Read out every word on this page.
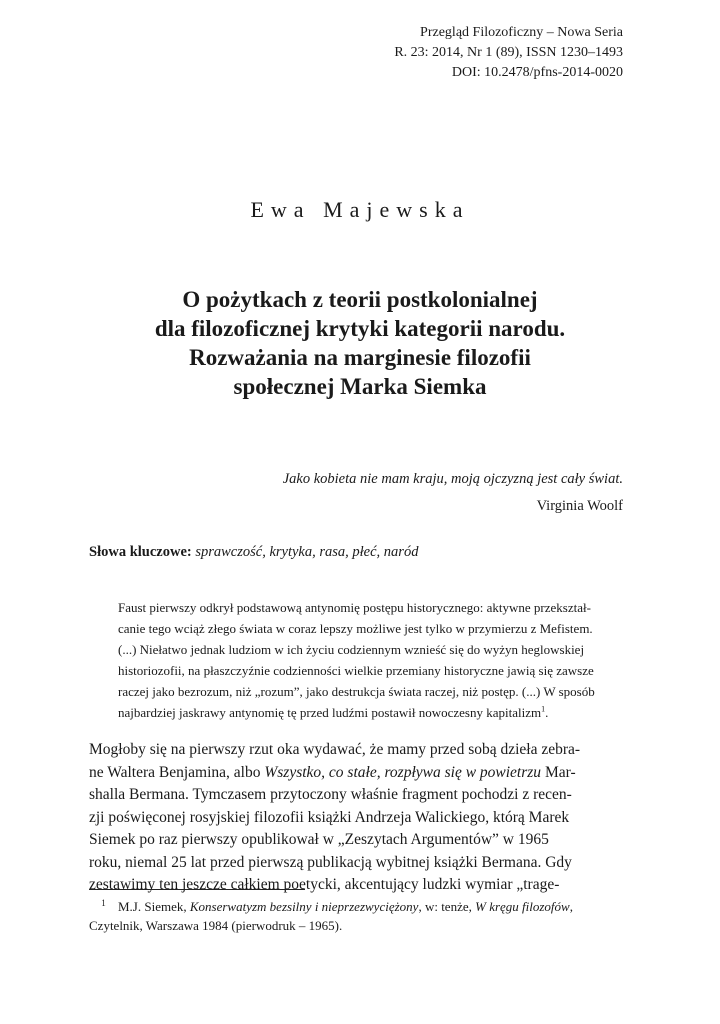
Przegląd Filozoficzny – Nowa Seria
R. 23: 2014, Nr 1 (89), ISSN 1230–1493
DOI: 10.2478/pfns-2014-0020
Ewa Majewska
O pożytkach z teorii postkolonialnej
dla filozoficznej krytyki kategorii narodu.
Rozważania na marginesie filozofii
społecznej Marka Siemka
Jako kobieta nie mam kraju, moją ojczyzną jest cały świat.
Virginia Woolf
Słowa kluczowe: sprawczość, krytyka, rasa, płeć, naród
Faust pierwszy odkrył podstawową antynomię postępu historycznego: aktywne przekształ-
canie tego wciąż złego świata w coraz lepszy możliwe jest tylko w przymierzu z Mefistem.
(...) Niełatwo jednak ludziom w ich życiu codziennym wznieść się do wyżyn heglowskiej
historiozofii, na płaszczyźnie codzienności wielkie przemiany historyczne jawią się zawsze
raczej jako bezrozum, niż „rozum”, jako destrukcja świata raczej, niż postęp. (...) W sposób
najbardziej jaskrawy antynomię tę przed ludźmi postawił nowoczesny kapitalizm$^1$.
Mogłoby się na pierwszy rzut oka wydawać, że mamy przed sobą dzieła zebra-
ne Waltera Benjamina, albo Wszystko, co stałe, rozpływa się w powietrzu Mar-
shalla Bermana. Tymczasem przytoczony właśnie fragment pochodzi z recen-
zji poświęconej rosyjskiej filozofii książki Andrzeja Walickiego, którą Marek
Siemek po raz pierwszy opublikował w „Zeszytach Argumentów” w 1965
roku, niemal 25 lat przed pierwszą publikacją wybitnej książki Bermana. Gdy
zestawimy ten jeszcze całkiem poetycki, akcentujący ludzki wymiar „trage-
1 M.J. Siemek, Konserwatyzm bezsilny i nieprzezwyciężony, w: tenże, W kręgu filozofów,
Czytelnik, Warszawa 1984 (pierwodruk – 1965).
